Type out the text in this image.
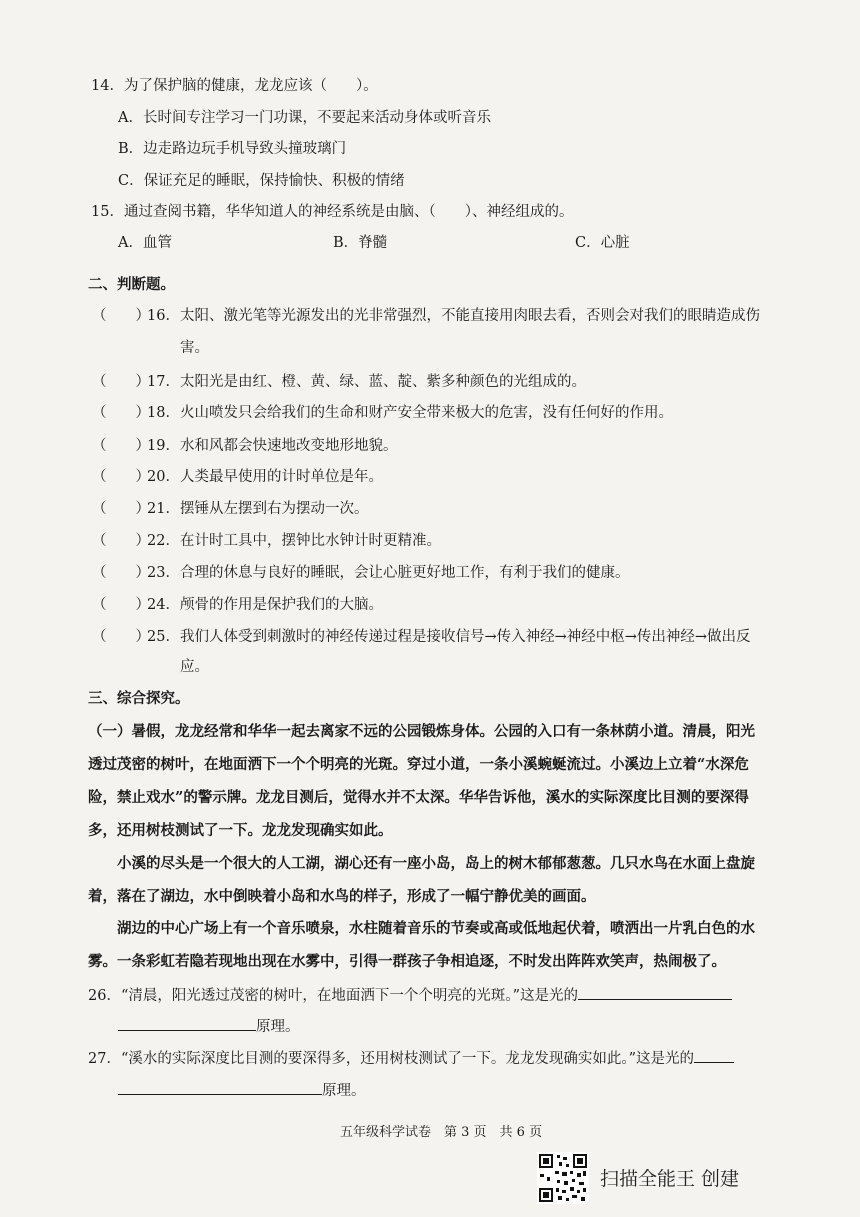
14．为了保护脑的健康，龙龙应该（　　）。
A．长时间专注学习一门功课，不要起来活动身体或听音乐
B．边走路边玩手机导致头撞玻璃门
C．保证充足的睡眠，保持愉快、积极的情绪
15．通过查阅书籍，华华知道人的神经系统是由脑、（　　）、神经组成的。
A．血管	B．脊髓	C．心脏
二、判断题。
（　　）
16．太阳、激光笔等光源发出的光非常强烈，不能直接用肉眼去看，否则会对我们的眼睛造成伤
害。
（　　）
17．太阳光是由红、橙、黄、绿、蓝、靛、紫多种颜色的光组成的。
（　　）
18．火山喷发只会给我们的生命和财产安全带来极大的危害，没有任何好的作用。
（　　）
19．水和风都会快速地改变地形地貌。
（　　）
20．人类最早使用的计时单位是年。
（　　）
21．摆锤从左摆到右为摆动一次。
（　　）
22．在计时工具中，摆钟比水钟计时更精准。
（　　）
23．合理的休息与良好的睡眠，会让心脏更好地工作，有利于我们的健康。
（　　）
24．颅骨的作用是保护我们的大脑。
（　　）
25．我们人体受到刺激时的神经传递过程是接收信号→传入神经→神经中枢→传出神经→做出反
应。
三、综合探究。
（一）暑假，龙龙经常和华华一起去离家不远的公园锻炼身体。公园的入口有一条林荫小道。清晨，阳光
透过茂密的树叶，在地面洒下一个个明亮的光斑。穿过小道，一条小溪蜿蜒流过。小溪边上立着“水深危
险，禁止戏水”的警示牌。龙龙目测后，觉得水并不太深。华华告诉他，溪水的实际深度比目测的要深得
多，还用树枝测试了一下。龙龙发现确实如此。
　　小溪的尽头是一个很大的人工湖，湖心还有一座小岛，岛上的树木郁郁葱葱。几只水鸟在水面上盘旋
着，落在了湖边，水中倒映着小岛和水鸟的样子，形成了一幅宁静优美的画面。
　　湖边的中心广场上有一个音乐喷泉，水柱随着音乐的节奏或高或低地起伏着，喷洒出一片乳白色的水
雾。一条彩虹若隐若现地出现在水雾中，引得一群孩子争相追逐，不时发出阵阵欢笑声，热闹极了。
26．“清晨，阳光透过茂密的树叶，在地面洒下一个个明亮的光斑。”这是光的
原理。
27．“溪水的实际深度比目测的要深得多，还用树枝测试了一下。龙龙发现确实如此。”这是光的
原理。
五年级科学试卷　第 3 页　共 6 页
扫描全能王 创建
